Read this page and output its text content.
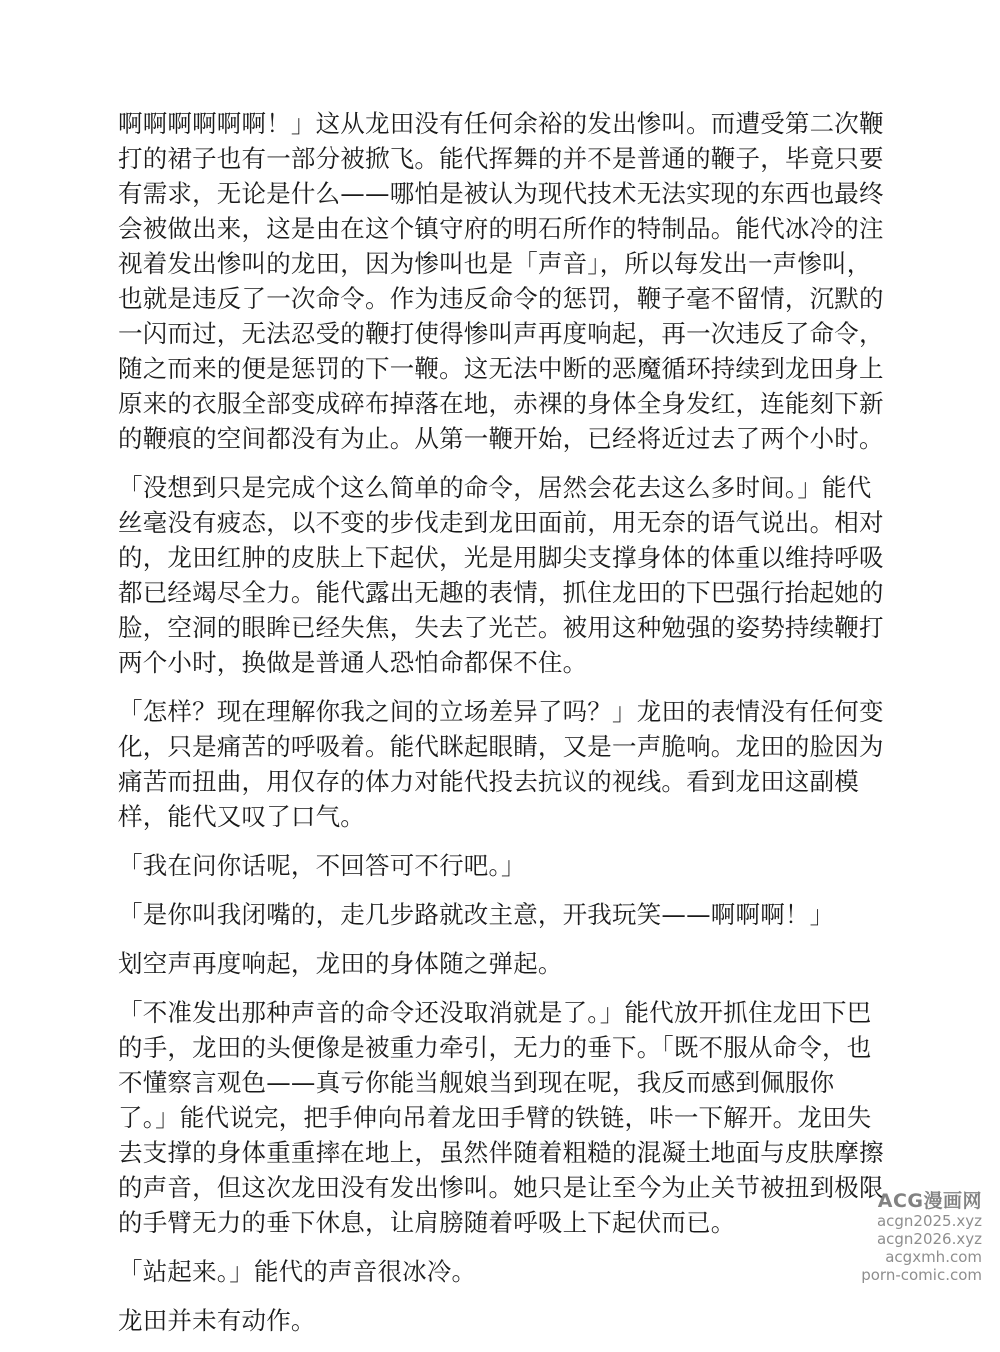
啊啊啊啊啊啊！」这从龙田没有任何余裕的发出惨叫。而遭受第二次鞭
打的裙子也有一部分被掀飞。能代挥舞的并不是普通的鞭子，毕竟只要
有需求，无论是什么——哪怕是被认为现代技术无法实现的东西也最终
会被做出来，这是由在这个镇守府的明石所作的特制品。能代冰冷的注
视着发出惨叫的龙田，因为惨叫也是「声音」，所以每发出一声惨叫，
也就是违反了一次命令。作为违反命令的惩罚，鞭子毫不留情，沉默的
一闪而过，无法忍受的鞭打使得惨叫声再度响起，再一次违反了命令，
随之而来的便是惩罚的下一鞭。这无法中断的恶魔循环持续到龙田身上
原来的衣服全部变成碎布掉落在地，赤裸的身体全身发红，连能刻下新
的鞭痕的空间都没有为止。从第一鞭开始，已经将近过去了两个小时。

「没想到只是完成个这么简单的命令，居然会花去这么多时间。」能代
丝毫没有疲态，以不变的步伐走到龙田面前，用无奈的语气说出。相对
的，龙田红肿的皮肤上下起伏，光是用脚尖支撑身体的体重以维持呼吸
都已经竭尽全力。能代露出无趣的表情，抓住龙田的下巴强行抬起她的
脸，空洞的眼眸已经失焦，失去了光芒。被用这种勉强的姿势持续鞭打
两个小时，换做是普通人恐怕命都保不住。

「怎样？现在理解你我之间的立场差异了吗？」龙田的表情没有任何变
化，只是痛苦的呼吸着。能代眯起眼睛，又是一声脆响。龙田的脸因为
痛苦而扭曲，用仅存的体力对能代投去抗议的视线。看到龙田这副模
样，能代又叹了口气。

「我在问你话呢，不回答可不行吧。」

「是你叫我闭嘴的，走几步路就改主意，开我玩笑——啊啊啊！」

划空声再度响起，龙田的身体随之弹起。

「不准发出那种声音的命令还没取消就是了。」能代放开抓住龙田下巴
的手，龙田的头便像是被重力牵引，无力的垂下。「既不服从命令，也
不懂察言观色——真亏你能当舰娘当到现在呢，我反而感到佩服你
了。」能代说完，把手伸向吊着龙田手臂的铁链，咔一下解开。龙田失
去支撑的身体重重摔在地上，虽然伴随着粗糙的混凝土地面与皮肤摩擦
的声音，但这次龙田没有发出惨叫。她只是让至今为止关节被扭到极限
的手臂无力的垂下休息，让肩膀随着呼吸上下起伏而已。

「站起来。」能代的声音很冰冷。

龙田并未有动作。

ACG漫画网
acgn2025.xyz
acgn2026.xyz
acgxmh.com
porn-comic.com
